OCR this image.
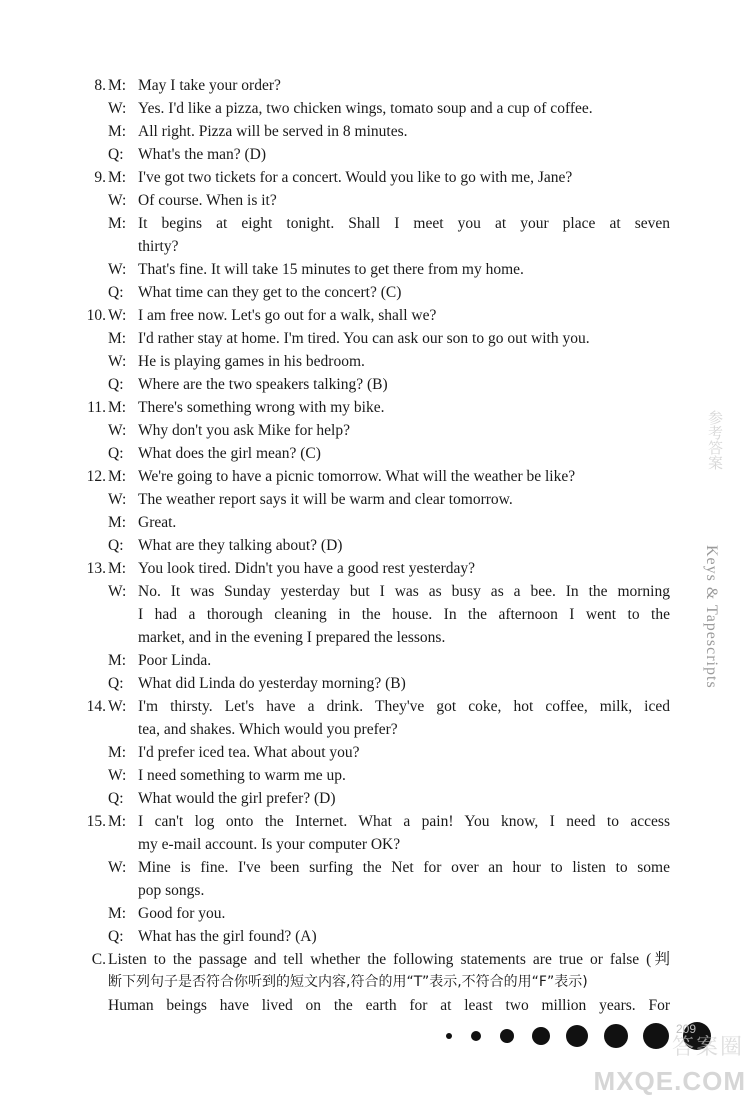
8. M: May I take your order?
W: Yes. I'd like a pizza, two chicken wings, tomato soup and a cup of coffee.
M: All right. Pizza will be served in 8 minutes.
Q: What's the man? (D)
9. M: I've got two tickets for a concert. Would you like to go with me, Jane?
W: Of course. When is it?
M: It begins at eight tonight. Shall I meet you at your place at seven
thirty?
W: That's fine. It will take 15 minutes to get there from my home.
Q: What time can they get to the concert? (C)
10. W: I am free now. Let's go out for a walk, shall we?
M: I'd rather stay at home. I'm tired. You can ask our son to go out with you.
W: He is playing games in his bedroom.
Q: Where are the two speakers talking? (B)
11. M: There's something wrong with my bike.
W: Why don't you ask Mike for help?
Q: What does the girl mean? (C)
12. M: We're going to have a picnic tomorrow. What will the weather be like?
W: The weather report says it will be warm and clear tomorrow.
M: Great.
Q: What are they talking about? (D)
13. M: You look tired. Didn't you have a good rest yesterday?
W: No. It was Sunday yesterday but I was as busy as a bee. In the morning
I had a thorough cleaning in the house. In the afternoon I went to the
market, and in the evening I prepared the lessons.
M: Poor Linda.
Q: What did Linda do yesterday morning? (B)
14. W: I'm thirsty. Let's have a drink. They've got coke, hot coffee, milk, iced
tea, and shakes. Which would you prefer?
M: I'd prefer iced tea. What about you?
W: I need something to warm me up.
Q: What would the girl prefer? (D)
15. M: I can't log onto the Internet. What a pain! You know, I need to access
my e-mail account. Is your computer OK?
W: Mine is fine. I've been surfing the Net for over an hour to listen to some
pop songs.
M: Good for you.
Q: What has the girl found? (A)
C. Listen to the passage and tell whether the following statements are true or false (判
断下列句子是否符合你听到的短文内容,符合的用“T”表示,不符合的用“F”表示)
Human beings have lived on the earth for at least two million years. For
参考答案
Keys & Tapescripts
209
答案圈
MXQE.COM
